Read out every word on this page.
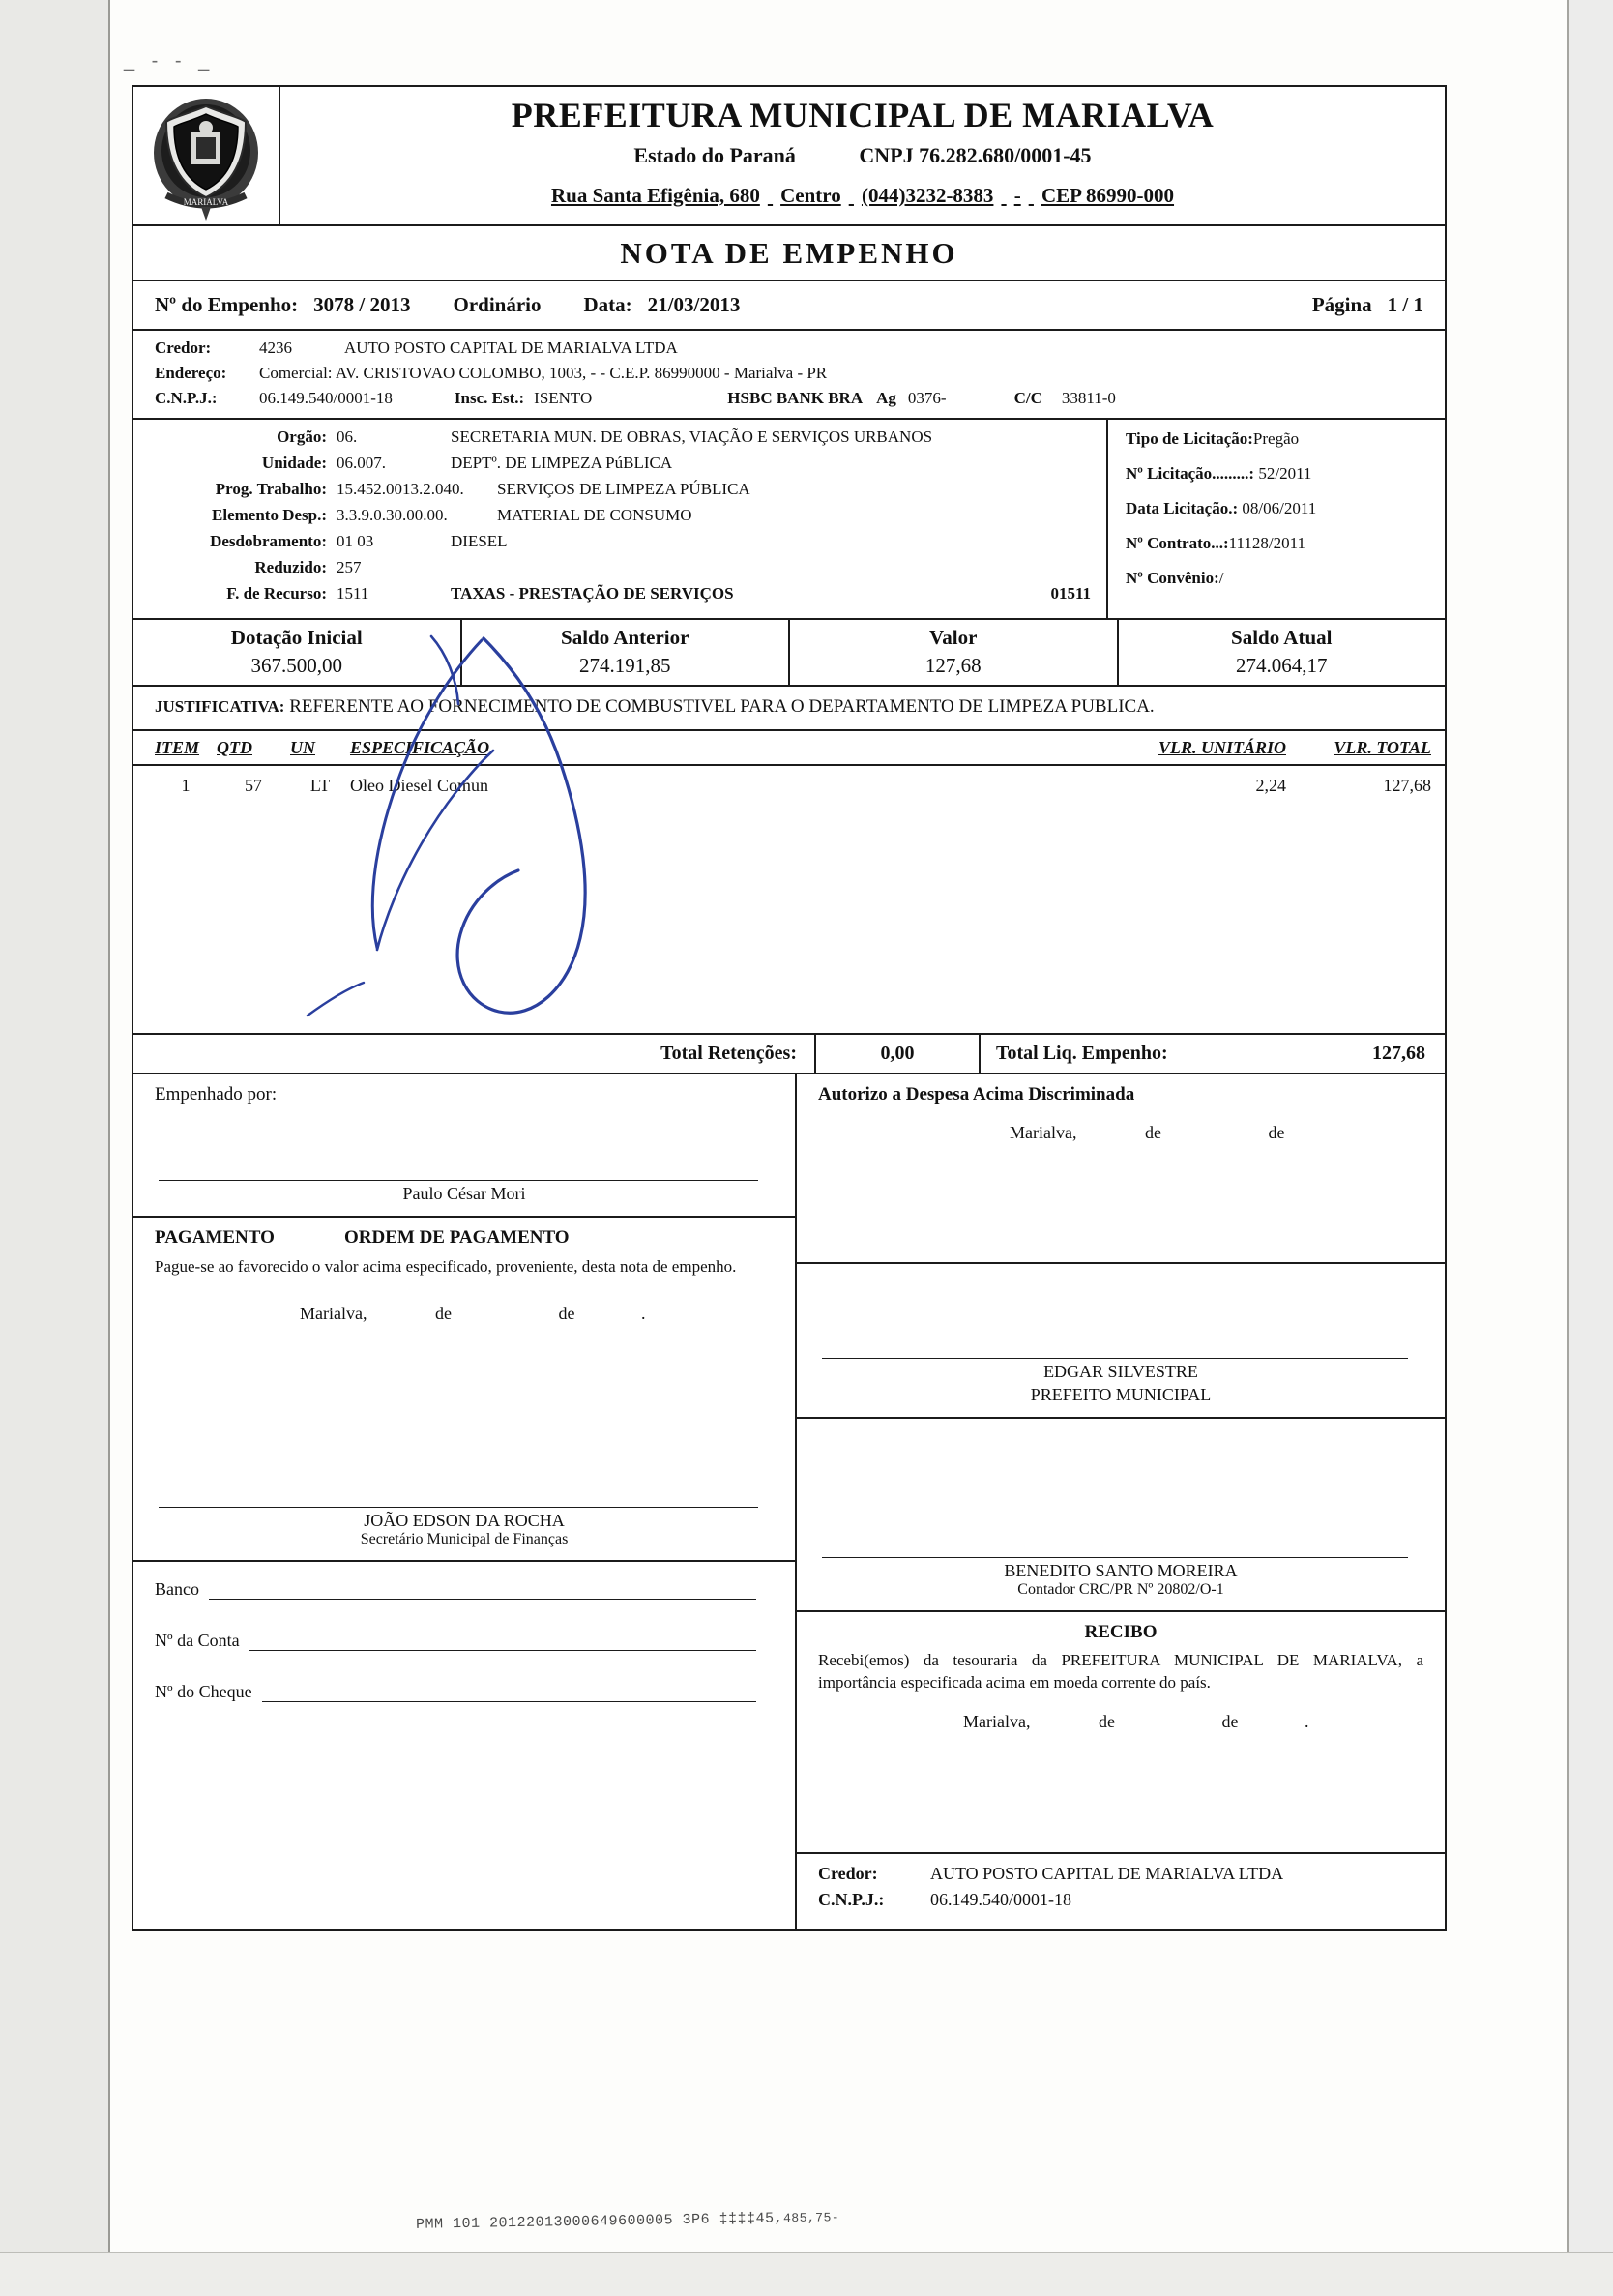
_ - - _
MARIALVA
PREFEITURA MUNICIPAL DE MARIALVA
Estado do Paraná	CNPJ 76.282.680/0001-45
Rua Santa Efigênia, 680 Centro (044)3232-8383 - CEP 86990-000
NOTA DE EMPENHO
Nº do Empenho: 3078 / 2013 Ordinário Data: 21/03/2013	Página 1 / 1
Credor:	4236	AUTO POSTO CAPITAL DE MARIALVA LTDA
Endereço:	Comercial: AV. CRISTOVAO COLOMBO, 1003, - - C.E.P. 86990000 - Marialva - PR
C.N.P.J.:	06.149.540/0001-18	Insc. Est.: ISENTO	HSBC BANK BRA Ag 0376-	C/C 33811-0
Orgão: 06.	SECRETARIA MUN. DE OBRAS, VIAÇÃO E SERVIÇOS URBANOS
Unidade: 06.007.	DEPTº. DE LIMPEZA PúBLICA
Prog. Trabalho: 15.452.0013.2.040.	SERVIÇOS DE LIMPEZA PÚBLICA
Elemento Desp.: 3.3.9.0.30.00.00.	MATERIAL DE CONSUMO
Desdobramento: 01 03	DIESEL
Reduzido: 257
F. de Recurso: 1511	TAXAS - PRESTAÇÃO DE SERVIÇOS	01511
Tipo de Licitação:Pregão
Nº Licitação.........: 52/2011
Data Licitação.: 08/06/2011
Nº Contrato...:11128/2011
Nº Convênio:/
Dotação Inicial
367.500,00
Saldo Anterior
274.191,85
Valor
127,68
Saldo Atual
274.064,17
JUSTIFICATIVA: REFERENTE AO FORNECIMENTO DE COMBUSTIVEL PARA O DEPARTAMENTO DE LIMPEZA PUBLICA.
ITEM QTD	UN	ESPECIFICAÇÃO	VLR. UNITÁRIO	VLR. TOTAL
1	57	LT	Oleo Diesel Comun	2,24	127,68
Total Retenções:	0,00	Total Liq. Empenho:	127,68
Empenhado por:
Paulo César Mori
PAGAMENTO	ORDEM DE PAGAMENTO
Pague-se ao favorecido o valor acima especificado, proveniente, desta nota de empenho.
Marialva,	de	de	.
JOÃO EDSON DA ROCHA
Secretário Municipal de Finanças
Banco
Nº da Conta
Nº do Cheque
Autorizo a Despesa Acima Discriminada
Marialva,	de	de
EDGAR SILVESTRE
PREFEITO MUNICIPAL
BENEDITO SANTO MOREIRA
Contador CRC/PR Nº 20802/O-1
RECIBO
Recebi(emos) da tesouraria da PREFEITURA MUNICIPAL DE MARIALVA, a importância especificada acima em moeda corrente do país.
Marialva,	de	de	.
Credor:	AUTO POSTO CAPITAL DE MARIALVA LTDA
C.N.P.J.:	06.149.540/0001-18
PMM 101 20122013000649600005 3P6 ‡‡‡‡45,485,75-
